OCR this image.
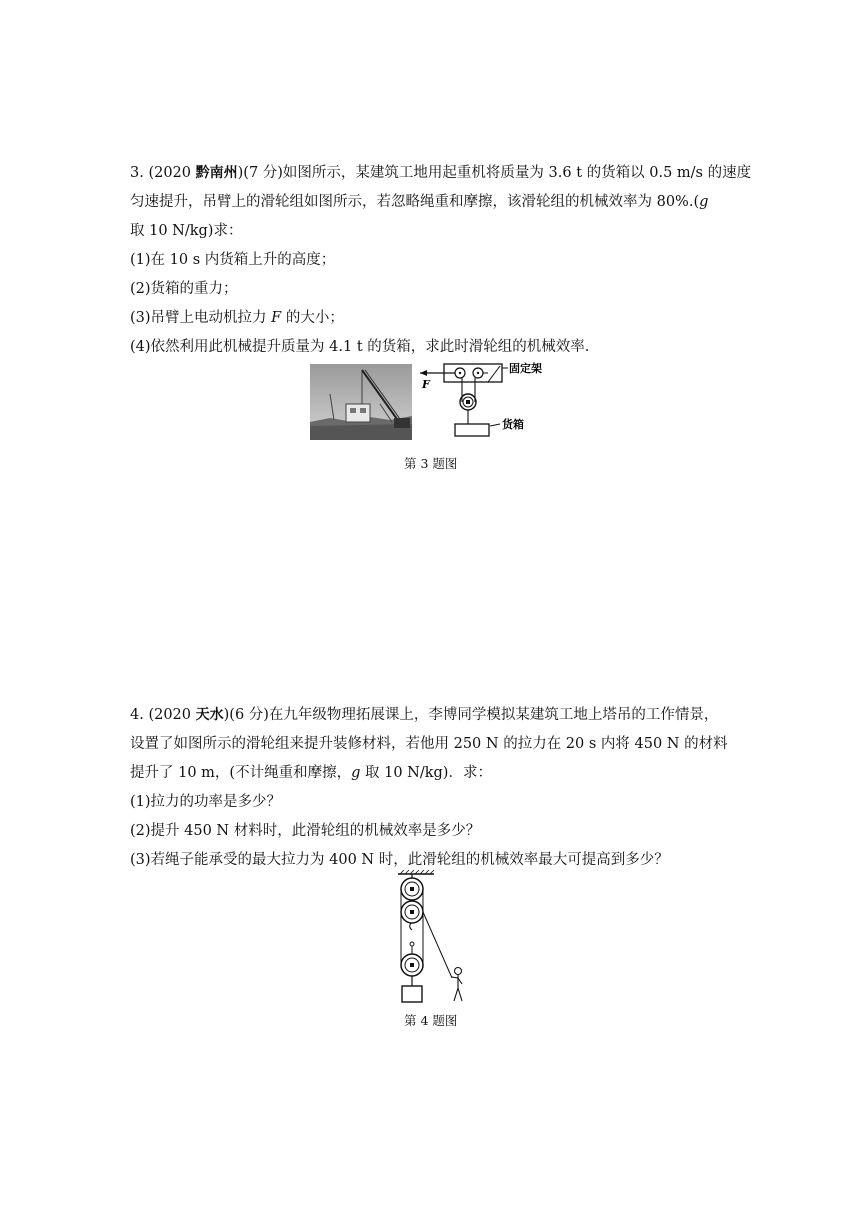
3. (2020 黔南州)(7 分)如图所示，某建筑工地用起重机将质量为 3.6 t 的货箱以 0.5 m/s 的速度
匀速提升，吊臂上的滑轮组如图所示，若忽略绳重和摩擦，该滑轮组的机械效率为 80%.(g
取 10 N/kg)求：
(1)在 10 s 内货箱上升的高度；
(2)货箱的重力；
(3)吊臂上电动机拉力 F 的大小；
(4)依然利用此机械提升质量为 4.1 t 的货箱，求此时滑轮组的机械效率.
固定架
F
货箱
第 3 题图
4. (2020 天水)(6 分)在九年级物理拓展课上，李博同学模拟某建筑工地上塔吊的工作情景，
设置了如图所示的滑轮组来提升装修材料，若他用 250 N 的拉力在 20 s 内将 450 N 的材料
提升了 10 m，(不计绳重和摩擦，g 取 10 N/kg)．求：
(1)拉力的功率是多少？
(2)提升 450 N 材料时，此滑轮组的机械效率是多少？
(3)若绳子能承受的最大拉力为 400 N 时，此滑轮组的机械效率最大可提高到多少？
第 4 题图
